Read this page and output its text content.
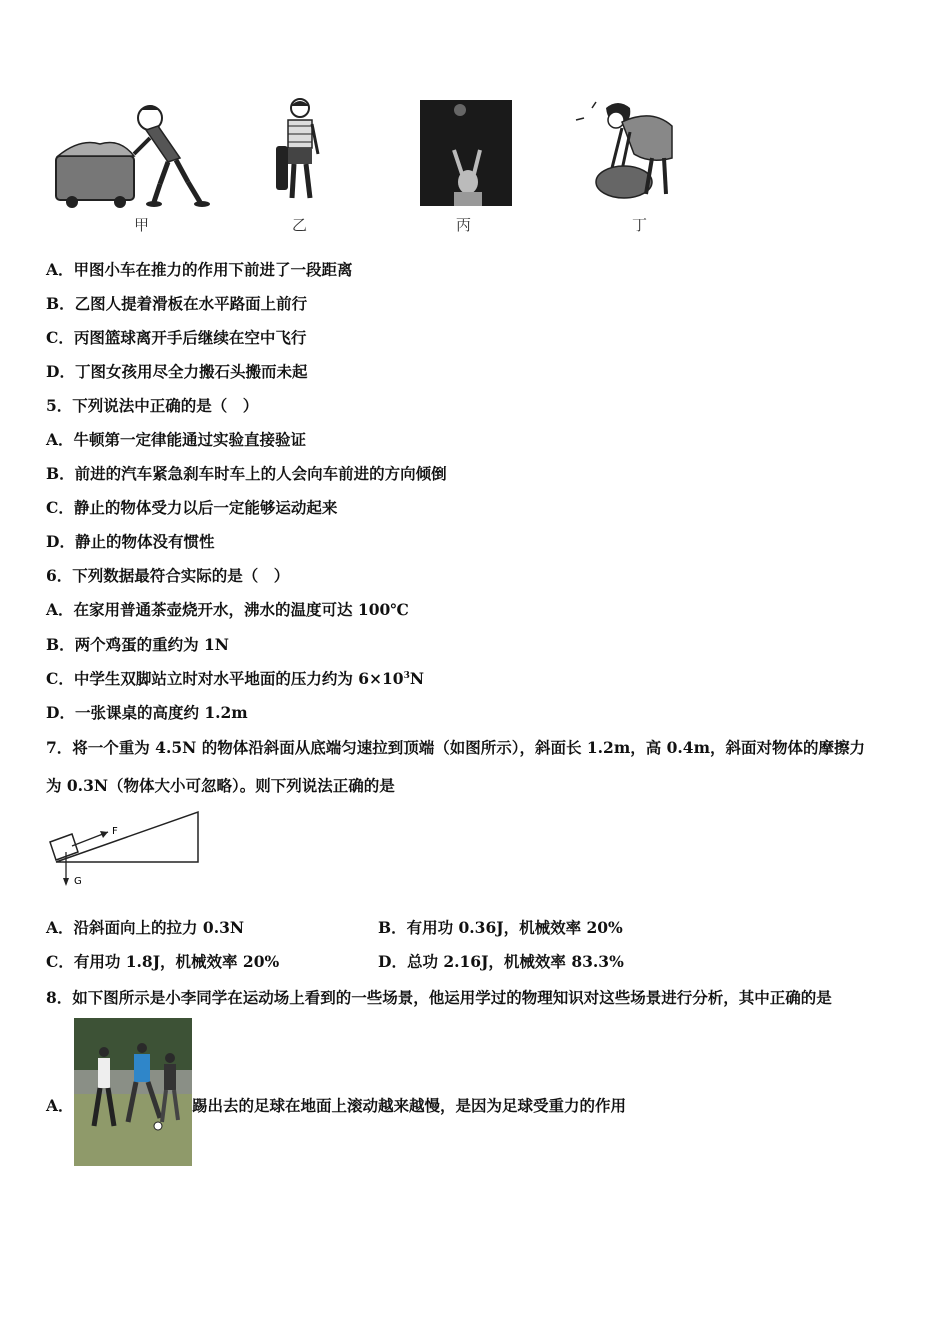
甲	乙	丙	丁
A．甲图小车在推力的作用下前进了一段距离
B．乙图人提着滑板在水平路面上前行
C．丙图篮球离开手后继续在空中飞行
D．丁图女孩用尽全力搬石头搬而未起
5．下列说法中正确的是（　）
A．牛顿第一定律能通过实验直接验证
B．前进的汽车紧急刹车时车上的人会向车前进的方向倾倒
C．静止的物体受力以后一定能够运动起来
D．静止的物体没有惯性
6．下列数据最符合实际的是（　）
A．在家用普通茶壶烧开水，沸水的温度可达 100℃
B．两个鸡蛋的重约为 1N
C．中学生双脚站立时对水平地面的压力约为 $6\times 10^3N$
D．一张课桌的高度约 1.2m
7．将一个重为 4.5N 的物体沿斜面从底端匀速拉到顶端（如图所示），斜面长 1.2m，高 0.4m，斜面对物体的摩擦力
为 0.3N（物体大小可忽略）。则下列说法正确的是
F
G
A．沿斜面向上的拉力 0.3N	B．有用功 0.36J，机械效率 20%
C．有用功 1.8J，机械效率 20%	D．总功 2.16J，机械效率 83.3%
8．如下图所示是小李同学在运动场上看到的一些场景，他运用学过的物理知识对这些场景进行分析，其中正确的是
A．	踢出去的足球在地面上滚动越来越慢，是因为足球受重力的作用
